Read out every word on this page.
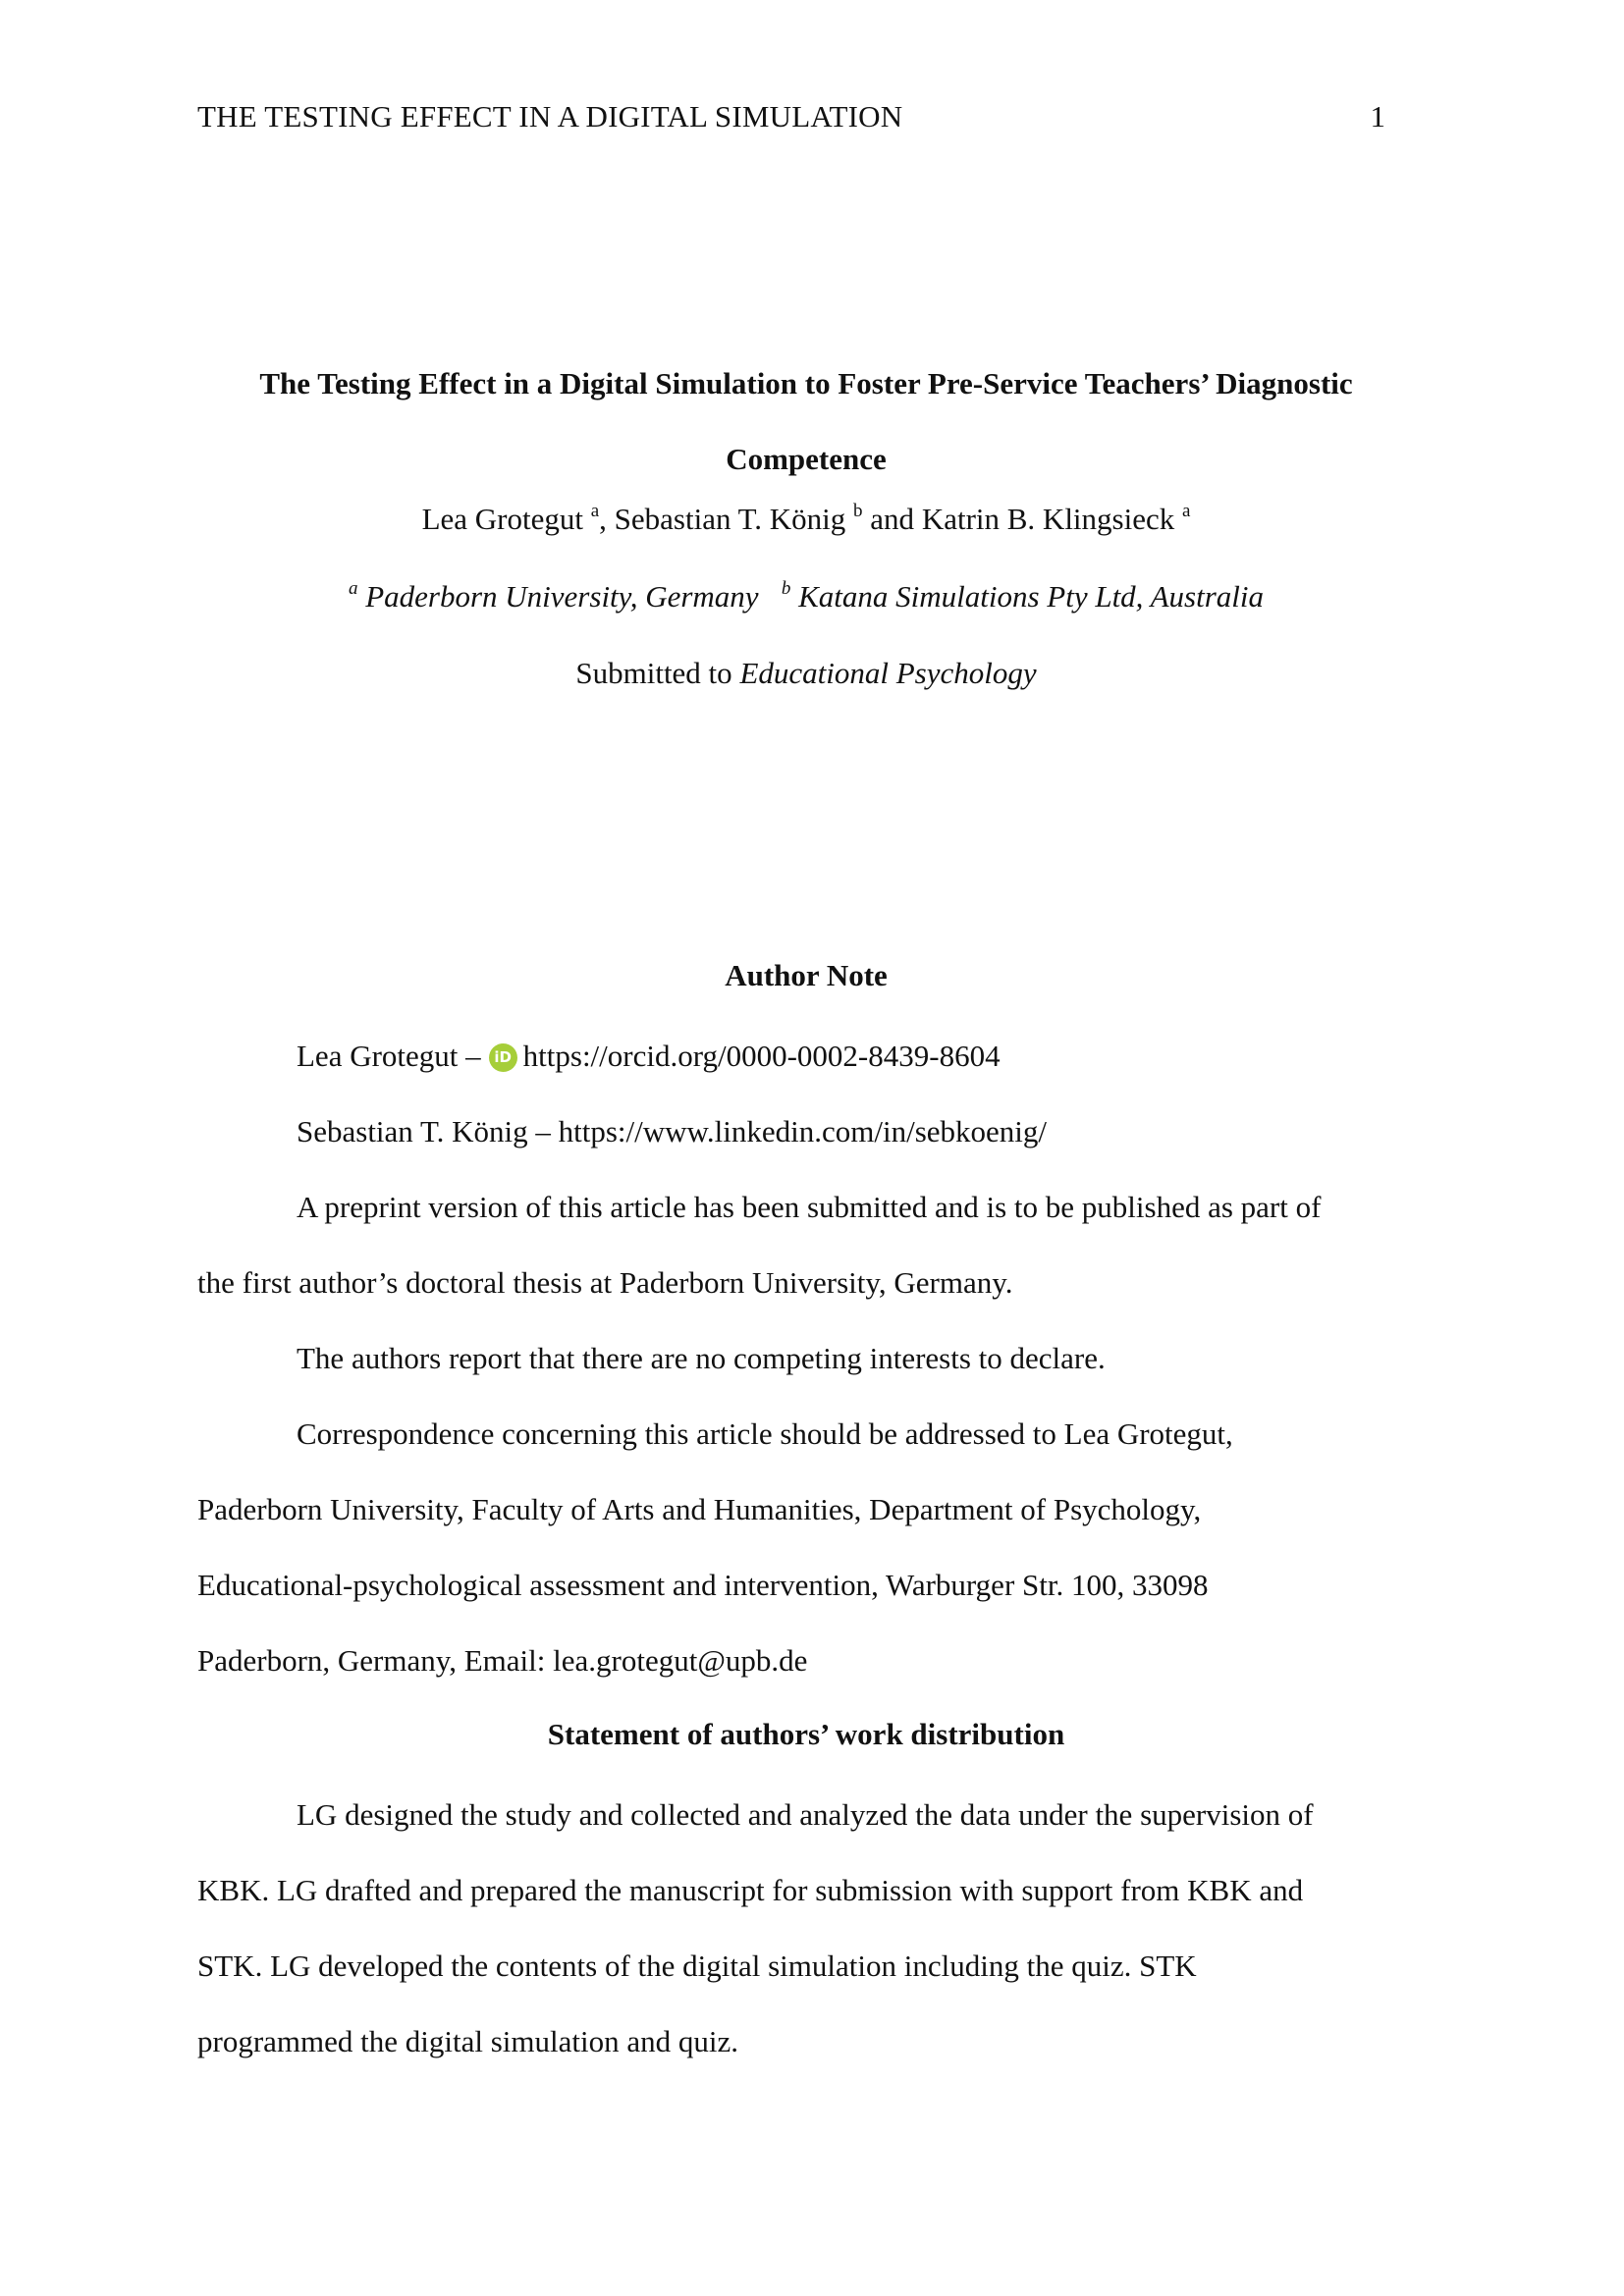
THE TESTING EFFECT IN A DIGITAL SIMULATION	1
The Testing Effect in a Digital Simulation to Foster Pre-Service Teachers’ Diagnostic
Competence
Lea Grotegut $^a$, Sebastian T. König $^b$ and Katrin B. Klingsieck $^a$
$^a$ Paderborn University, Germany $^b$ Katana Simulations Pty Ltd, Australia
Submitted to Educational Psychology
Author Note
Lea Grotegut – iD https://orcid.org/0000-0002-8439-8604
Sebastian T. König – https://www.linkedin.com/in/sebkoenig/
A preprint version of this article has been submitted and is to be published as part of
the first author’s doctoral thesis at Paderborn University, Germany.
The authors report that there are no competing interests to declare.
Correspondence concerning this article should be addressed to Lea Grotegut,
Paderborn University, Faculty of Arts and Humanities, Department of Psychology,
Educational-psychological assessment and intervention, Warburger Str. 100, 33098
Paderborn, Germany, Email: lea.grotegut@upb.de
Statement of authors’ work distribution
LG designed the study and collected and analyzed the data under the supervision of
KBK. LG drafted and prepared the manuscript for submission with support from KBK and
STK. LG developed the contents of the digital simulation including the quiz. STK
programmed the digital simulation and quiz.
